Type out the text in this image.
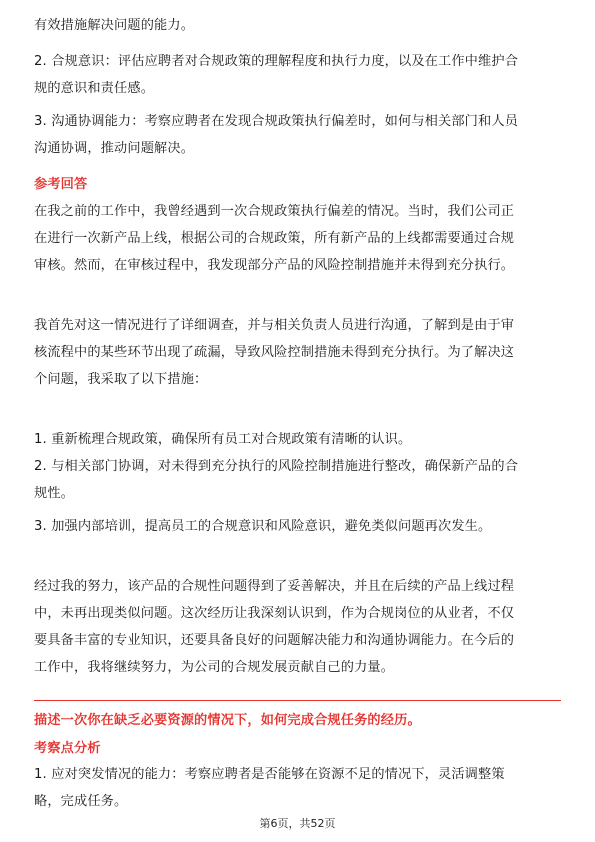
有效措施解决问题的能力。
2. 合规意识：评估应聘者对合规政策的理解程度和执行力度，以及在工作中维护合
规的意识和责任感。
3. 沟通协调能力：考察应聘者在发现合规政策执行偏差时，如何与相关部门和人员
沟通协调，推动问题解决。
参考回答
在我之前的工作中，我曾经遇到一次合规政策执行偏差的情况。当时，我们公司正
在进行一次新产品上线，根据公司的合规政策，所有新产品的上线都需要通过合规
审核。然而，在审核过程中，我发现部分产品的风险控制措施并未得到充分执行。
我首先对这一情况进行了详细调查，并与相关负责人员进行沟通，了解到是由于审
核流程中的某些环节出现了疏漏，导致风险控制措施未得到充分执行。为了解决这
个问题，我采取了以下措施：
1. 重新梳理合规政策，确保所有员工对合规政策有清晰的认识。
2. 与相关部门协调，对未得到充分执行的风险控制措施进行整改，确保新产品的合
规性。
3. 加强内部培训，提高员工的合规意识和风险意识，避免类似问题再次发生。
经过我的努力，该产品的合规性问题得到了妥善解决，并且在后续的产品上线过程
中，未再出现类似问题。这次经历让我深刻认识到，作为合规岗位的从业者，不仅
要具备丰富的专业知识，还要具备良好的问题解决能力和沟通协调能力。在今后的
工作中，我将继续努力，为公司的合规发展贡献自己的力量。
描述一次你在缺乏必要资源的情况下，如何完成合规任务的经历。
考察点分析
1. 应对突发情况的能力：考察应聘者是否能够在资源不足的情况下，灵活调整策
略，完成任务。
第6页，共52页
